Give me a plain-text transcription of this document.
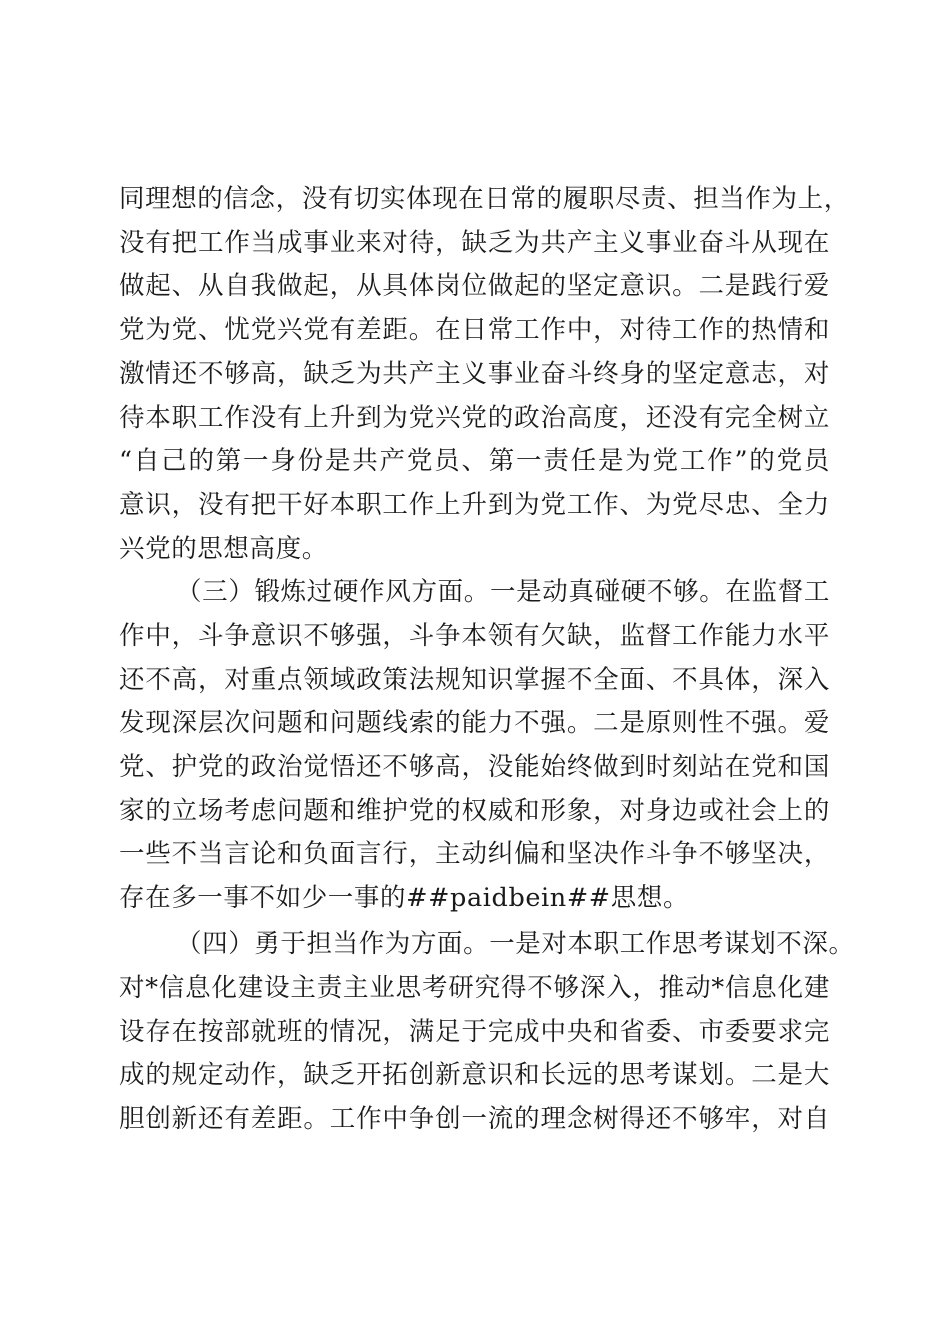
同理想的信念，没有切实体现在日常的履职尽责、担当作为上，
没有把工作当成事业来对待，缺乏为共产主义事业奋斗从现在
做起、从自我做起，从具体岗位做起的坚定意识。二是践行爱
党为党、忧党兴党有差距。在日常工作中，对待工作的热情和
激情还不够高，缺乏为共产主义事业奋斗终身的坚定意志，对
待本职工作没有上升到为党兴党的政治高度，还没有完全树立
“自己的第一身份是共产党员、第一责任是为党工作”的党员
意识，没有把干好本职工作上升到为党工作、为党尽忠、全力
兴党的思想高度。
（三）锻炼过硬作风方面。一是动真碰硬不够。在监督工
作中，斗争意识不够强，斗争本领有欠缺，监督工作能力水平
还不高，对重点领域政策法规知识掌握不全面、不具体，深入
发现深层次问题和问题线索的能力不强。二是原则性不强。爱
党、护党的政治觉悟还不够高，没能始终做到时刻站在党和国
家的立场考虑问题和维护党的权威和形象，对身边或社会上的
一些不当言论和负面言行，主动纠偏和坚决作斗争不够坚决，
存在多一事不如少一事的##paidbein##思想。
（四）勇于担当作为方面。一是对本职工作思考谋划不深。
对*信息化建设主责主业思考研究得不够深入，推动*信息化建
设存在按部就班的情况，满足于完成中央和省委、市委要求完
成的规定动作，缺乏开拓创新意识和长远的思考谋划。二是大
胆创新还有差距。工作中争创一流的理念树得还不够牢，对自
